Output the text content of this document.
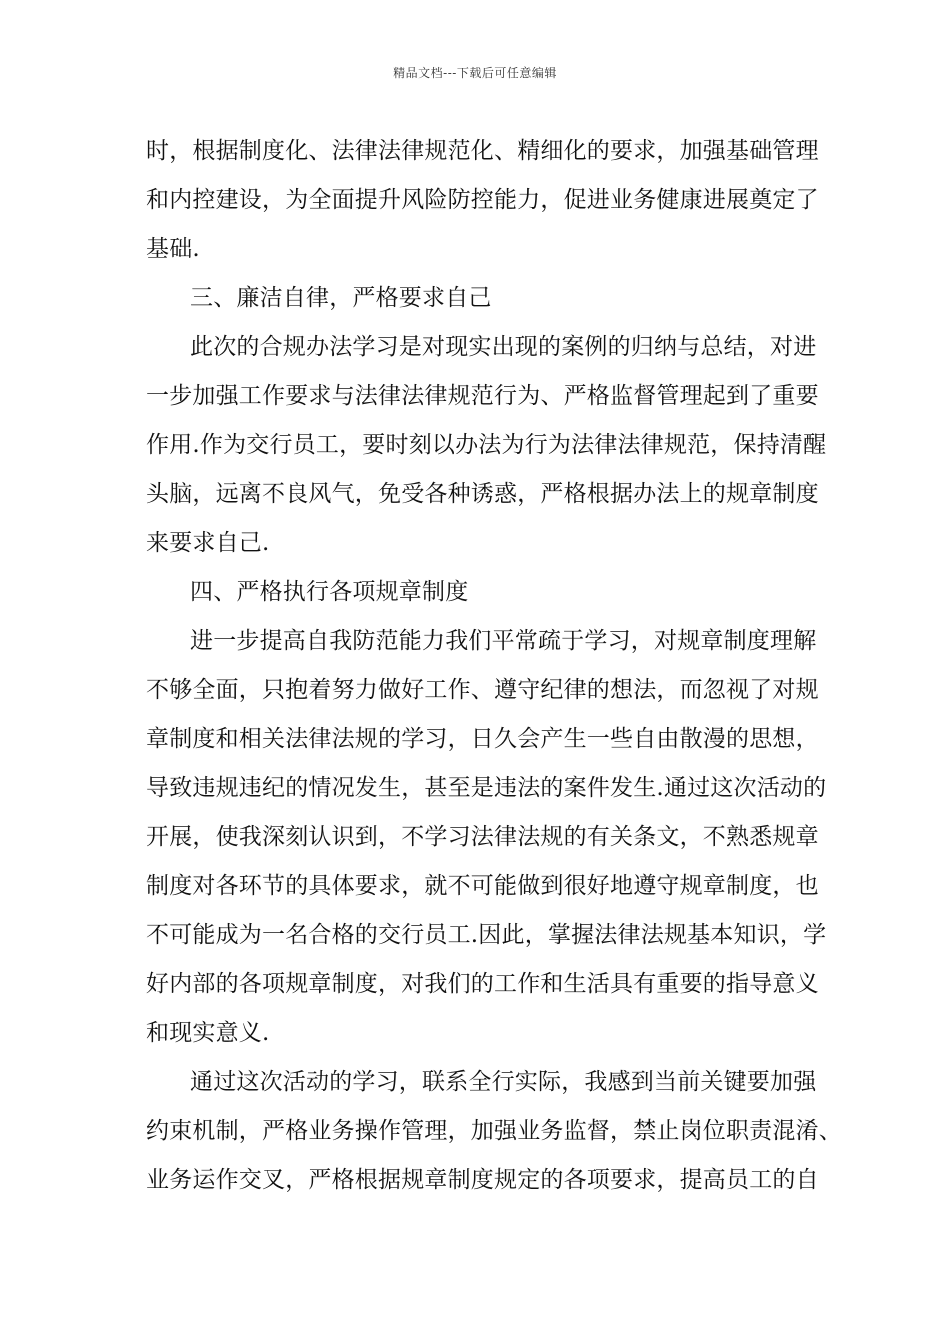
精品文档---下载后可任意编辑
时，根据制度化、法律法律规范化、精细化的要求，加强基础管理
和内控建设，为全面提升风险防控能力，促进业务健康进展奠定了
基础.
三、廉洁自律，严格要求自己
此次的合规办法学习是对现实出现的案例的归纳与总结，对进
一步加强工作要求与法律法律规范行为、严格监督管理起到了重要
作用.作为交行员工，要时刻以办法为行为法律法律规范，保持清醒
头脑，远离不良风气，免受各种诱惑，严格根据办法上的规章制度
来要求自己.
四、严格执行各项规章制度
进一步提高自我防范能力我们平常疏于学习，对规章制度理解
不够全面，只抱着努力做好工作、遵守纪律的想法，而忽视了对规
章制度和相关法律法规的学习，日久会产生一些自由散漫的思想，
导致违规违纪的情况发生，甚至是违法的案件发生.通过这次活动的
开展，使我深刻认识到，不学习法律法规的有关条文，不熟悉规章
制度对各环节的具体要求，就不可能做到很好地遵守规章制度，也
不可能成为一名合格的交行员工.因此，掌握法律法规基本知识，学
好内部的各项规章制度，对我们的工作和生活具有重要的指导意义
和现实意义.
通过这次活动的学习，联系全行实际，我感到当前关键要加强
约束机制，严格业务操作管理，加强业务监督，禁止岗位职责混淆、
业务运作交叉，严格根据规章制度规定的各项要求，提高员工的自
